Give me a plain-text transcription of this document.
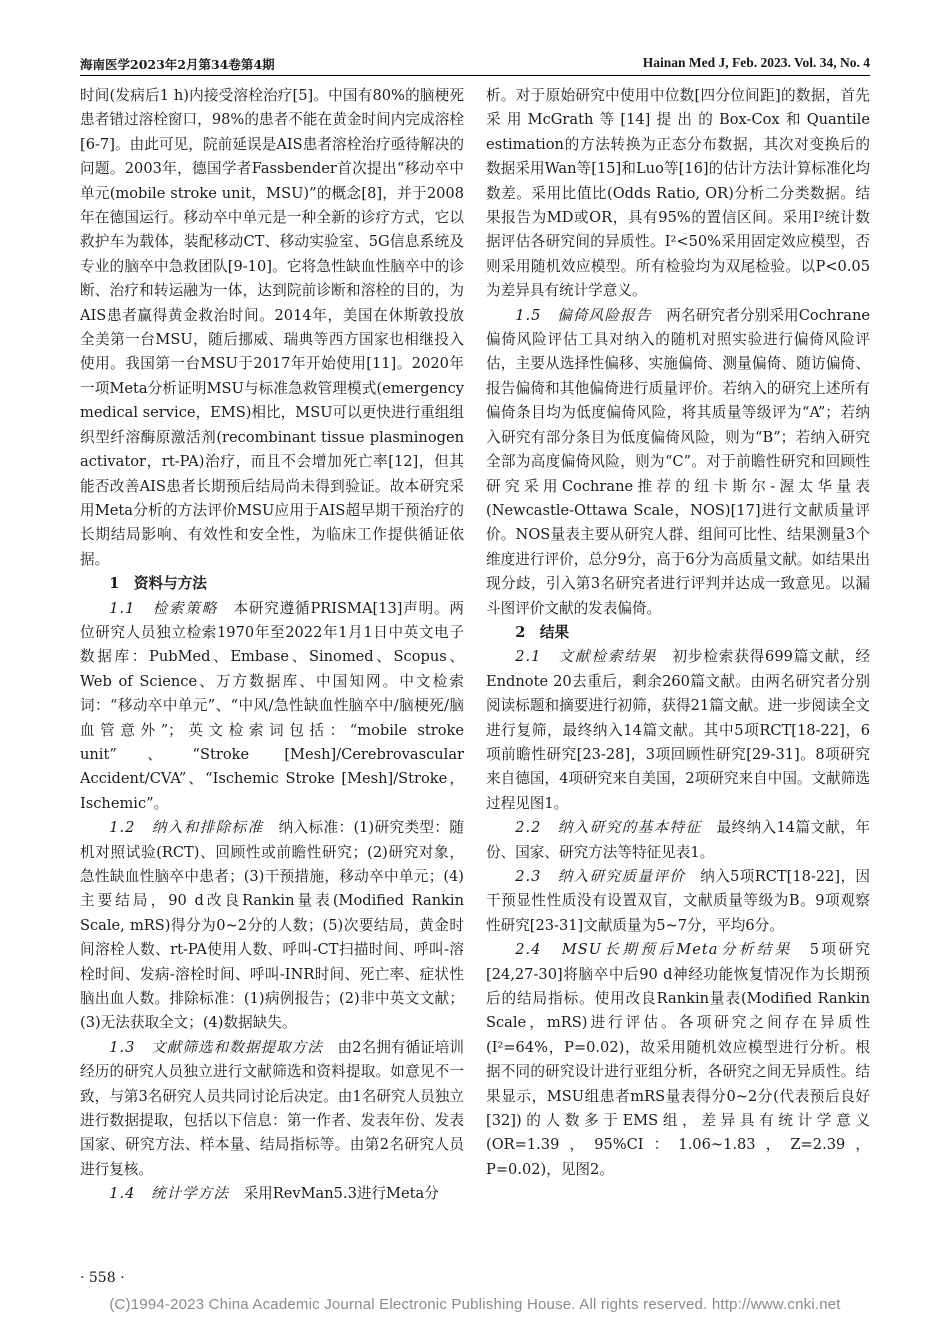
海南医学2023年2月第34卷第4期	Hainan Med J, Feb. 2023. Vol. 34, No. 4

时间(发病后1 h)内接受溶栓治疗[5]。中国有80%的脑梗死患者错过溶栓窗口，98%的患者不能在黄金时间内完成溶栓[6-7]。由此可见，院前延误是AIS患者溶栓治疗亟待解决的问题。2003年，德国学者Fassbender首次提出“移动卒中单元(mobile stroke unit，MSU)”的概念[8]，并于2008年在德国运行。移动卒中单元是一种全新的诊疗方式，它以救护车为载体，装配移动CT、移动实验室、5G信息系统及专业的脑卒中急救团队[9-10]。它将急性缺血性脑卒中的诊断、治疗和转运融为一体，达到院前诊断和溶栓的目的，为AIS患者赢得黄金救治时间。2014年，美国在休斯敦投放全美第一台MSU，随后挪威、瑞典等西方国家也相继投入使用。我国第一台MSU于2017年开始使用[11]。2020年一项Meta分析证明MSU与标准急救管理模式(emergency medical service，EMS)相比，MSU可以更快进行重组组织型纤溶酶原激活剂(recombinant tissue plasminogen activator，rt-PA)治疗，而且不会增加死亡率[12]，但其能否改善AIS患者长期预后结局尚未得到验证。故本研究采用Meta分析的方法评价MSU应用于AIS超早期干预治疗的长期结局影响、有效性和安全性，为临床工作提供循证依据。

1　资料与方法

1.1　检索策略　本研究遵循PRISMA[13]声明。两位研究人员独立检索1970年至2022年1月1日中英文电子数据库：PubMed、Embase、Sinomed、Scopus、Web of Science、万方数据库、中国知网。中文检索词：“移动卒中单元”、“中风/急性缺血性脑卒中/脑梗死/脑血管意外”；英文检索词包括：“mobile stroke unit”、“Stroke [Mesh]/Cerebrovascular Accident/CVA”、“Ischemic Stroke [Mesh]/Stroke，Ischemic”。

1.2　纳入和排除标准　纳入标准：(1)研究类型：随机对照试验(RCT)、回顾性或前瞻性研究；(2)研究对象，急性缺血性脑卒中患者；(3)干预措施，移动卒中单元；(4)主要结局，90 d改良Rankin量表(Modified Rankin Scale, mRS)得分为0~2分的人数；(5)次要结局，黄金时间溶栓人数、rt-PA使用人数、呼叫-CT扫描时间、呼叫-溶栓时间、发病-溶栓时间、呼叫-INR时间、死亡率、症状性脑出血人数。排除标准：(1)病例报告；(2)非中英文文献；(3)无法获取全文；(4)数据缺失。

1.3　文献筛选和数据提取方法　由2名拥有循证培训经历的研究人员独立进行文献筛选和资料提取。如意见不一致，与第3名研究人员共同讨论后决定。由1名研究人员独立进行数据提取，包括以下信息：第一作者、发表年份、发表国家、研究方法、样本量、结局指标等。由第2名研究人员进行复核。

1.4　统计学方法　采用RevMan5.3进行Meta分

析。对于原始研究中使用中位数[四分位间距]的数据，首先采用McGrath等[14]提出的Box-Cox和Quantile estimation的方法转换为正态分布数据，其次对变换后的数据采用Wan等[15]和Luo等[16]的估计方法计算标准化均数差。采用比值比(Odds Ratio, OR)分析二分类数据。结果报告为MD或OR，具有95%的置信区间。采用I²统计数据评估各研究间的异质性。I²<50%采用固定效应模型，否则采用随机效应模型。所有检验均为双尾检验。以P<0.05为差异具有统计学意义。

1.5　偏倚风险报告　两名研究者分别采用Cochrane偏倚风险评估工具对纳入的随机对照实验进行偏倚风险评估，主要从选择性偏移、实施偏倚、测量偏倚、随访偏倚、报告偏倚和其他偏倚进行质量评价。若纳入的研究上述所有偏倚条目均为低度偏倚风险，将其质量等级评为“A”；若纳入研究有部分条目为低度偏倚风险，则为“B”；若纳入研究全部为高度偏倚风险，则为“C”。对于前瞻性研究和回顾性研究采用Cochrane推荐的纽卡斯尔-渥太华量表(Newcastle-Ottawa Scale，NOS)[17]进行文献质量评价。NOS量表主要从研究人群、组间可比性、结果测量3个维度进行评价，总分9分，高于6分为高质量文献。如结果出现分歧，引入第3名研究者进行评判并达成一致意见。以漏斗图评价文献的发表偏倚。

2　结果

2.1　文献检索结果　初步检索获得699篇文献，经Endnote 20去重后，剩余260篇文献。由两名研究者分别阅读标题和摘要进行初筛，获得21篇文献。进一步阅读全文进行复筛，最终纳入14篇文献。其中5项RCT[18-22]，6项前瞻性研究[23-28]，3项回顾性研究[29-31]。8项研究来自德国，4项研究来自美国，2项研究来自中国。文献筛选过程见图1。

2.2　纳入研究的基本特征　最终纳入14篇文献，年份、国家、研究方法等特征见表1。

2.3　纳入研究质量评价　纳入5项RCT[18-22]，因干预显性性质没有设置双盲，文献质量等级为B。9项观察性研究[23-31]文献质量为5~7分，平均6分。

2.4　MSU长期预后Meta分析结果　5项研究[24,27-30]将脑卒中后90 d神经功能恢复情况作为长期预后的结局指标。使用改良Rankin量表(Modified Rankin Scale，mRS)进行评估。各项研究之间存在异质性(I²=64%，P=0.02)，故采用随机效应模型进行分析。根据不同的研究设计进行亚组分析，各研究之间无异质性。结果显示，MSU组患者mRS量表得分0~2分(代表预后良好[32])的人数多于EMS组，差异具有统计学意义(OR=1.39，95%CI：1.06~1.83，Z=2.39，P=0.02)，见图2。

· 558 ·
(C)1994-2023 China Academic Journal Electronic Publishing House. All rights reserved. http://www.cnki.net
